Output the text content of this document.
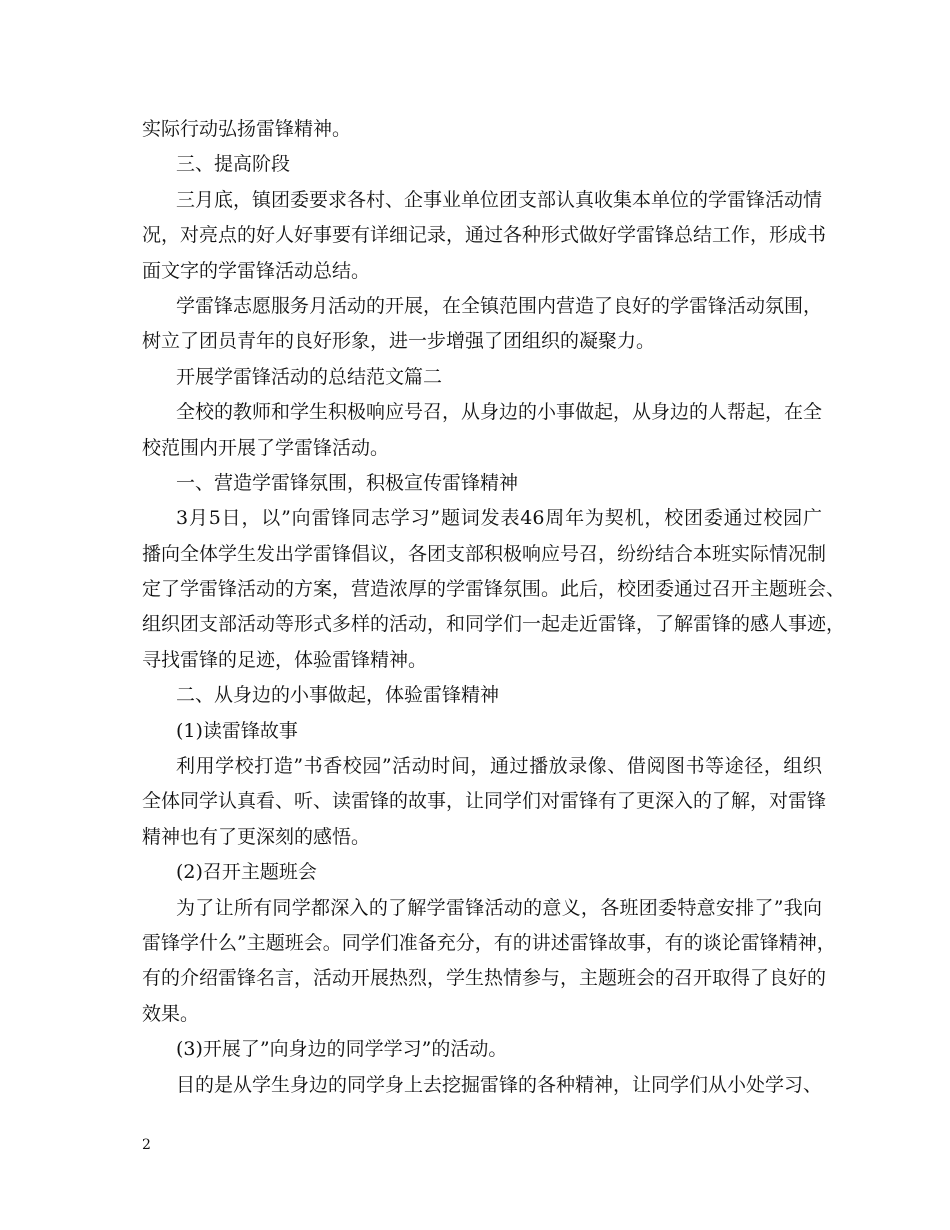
实际行动弘扬雷锋精神。
三、提高阶段
三月底，镇团委要求各村、企事业单位团支部认真收集本单位的学雷锋活动情
况，对亮点的好人好事要有详细记录，通过各种形式做好学雷锋总结工作，形成书
面文字的学雷锋活动总结。
学雷锋志愿服务月活动的开展，在全镇范围内营造了良好的学雷锋活动氛围，
树立了团员青年的良好形象，进一步增强了团组织的凝聚力。
开展学雷锋活动的总结范文篇二
全校的教师和学生积极响应号召，从身边的小事做起，从身边的人帮起，在全
校范围内开展了学雷锋活动。
一、营造学雷锋氛围，积极宣传雷锋精神
3月5日，以”向雷锋同志学习”题词发表46周年为契机，校团委通过校园广
播向全体学生发出学雷锋倡议，各团支部积极响应号召，纷纷结合本班实际情况制
定了学雷锋活动的方案，营造浓厚的学雷锋氛围。此后，校团委通过召开主题班会、
组织团支部活动等形式多样的活动，和同学们一起走近雷锋，了解雷锋的感人事迹，
寻找雷锋的足迹，体验雷锋精神。
二、从身边的小事做起，体验雷锋精神
(1)读雷锋故事
利用学校打造”书香校园”活动时间，通过播放录像、借阅图书等途径，组织
全体同学认真看、听、读雷锋的故事，让同学们对雷锋有了更深入的了解，对雷锋
精神也有了更深刻的感悟。
(2)召开主题班会
为了让所有同学都深入的了解学雷锋活动的意义，各班团委特意安排了”我向
雷锋学什么”主题班会。同学们准备充分，有的讲述雷锋故事，有的谈论雷锋精神，
有的介绍雷锋名言，活动开展热烈，学生热情参与，主题班会的召开取得了良好的
效果。
(3)开展了”向身边的同学学习”的活动。
目的是从学生身边的同学身上去挖掘雷锋的各种精神，让同学们从小处学习、
2
